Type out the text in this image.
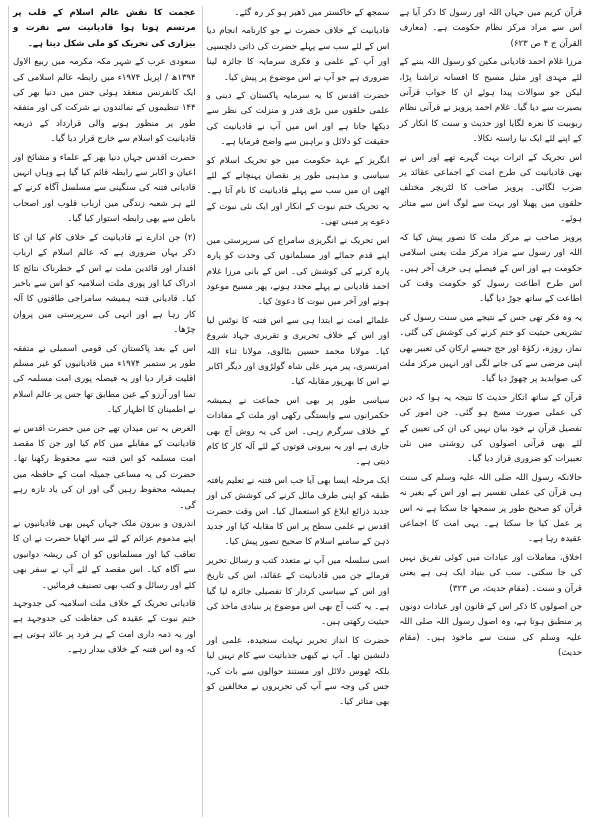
عجمت کا نقش عالم اسلام کے قلب پر مرتسم ہوتا ہوا قادیانیت سے نفرت و بیزاری کی تحریک کو ملی شکل دیتا ہے۔

سعودی عرب کے شہر مکہ مکرمہ میں ربیع الاول ۱۳۹۴ھ / اپریل ۱۹۷۴ء میں رابطہ عالم اسلامی کی ایک کانفرنس منعقد ہوئی جس میں دنیا بھر کی ۱۴۴ تنظیموں کے نمائندوں نے شرکت کی اور متفقہ طور پر منظور ہونے والی قرارداد کے ذریعہ قادیانیت کو اسلام سے خارج قرار دیا گیا۔

حضرت اقدس جہاں دنیا بھر کے علماء و مشائخ اور اعیان و اکابر سے رابطہ قائم کیا گیا ہے وہاں انہیں قادیانی فتنہ کی سنگینی سے مسلسل آگاہ کرنے کے لئے ہر شعبہ زندگی میں ارباب قلوب اور اصحاب باطن سے بھی رابطہ استوار کیا گیا۔

(۲) جن ادارے نے قادیانیت کے خلاف کام کیا ان کا ذکر یہاں ضروری ہے کہ عالم اسلام کے ارباب اقتدار اور قائدین ملت نے اس کے خطرناک نتائج کا ادراک کیا اور پوری ملت اسلامیہ کو اس سے باخبر کیا۔ قادیانی فتنہ ہمیشہ سامراجی طاقتوں کا آلہ کار رہا ہے اور انہی کی سرپرستی میں پروان چڑھا۔

اس کے بعد پاکستان کی قومی اسمبلی نے متفقہ طور پر ستمبر ۱۹۷۴ء میں قادیانیوں کو غیر مسلم اقلیت قرار دیا اور یہ فیصلہ پوری امت مسلمہ کی تمنا اور آرزو کے عین مطابق تھا جس پر عالم اسلام نے اطمینان کا اظہار کیا۔

الغرض یہ تین میدان تھے جن میں حضرت اقدس نے قادیانیت کے مقابلے میں کام کیا اور جن کا مقصد امت مسلمہ کو اس فتنہ سے محفوظ رکھنا تھا۔ حضرت کی یہ مساعی جمیلہ امت کے حافظہ میں ہمیشہ محفوظ رہیں گی اور ان کی یاد تازہ رہے گی۔

اندرون و بیرون ملک جہاں کہیں بھی قادیانیوں نے اپنے مذموم عزائم کے لئے سر اٹھایا حضرت نے ان کا تعاقب کیا اور مسلمانوں کو ان کی ریشہ دوانیوں سے آگاہ کیا۔ اس مقصد کے لئے آپ نے سفر بھی کئے اور رسائل و کتب بھی تصنیف فرمائیں۔

قادیانی تحریک کے خلاف ملت اسلامیہ کی جدوجہد ختم نبوت کے عقیدہ کی حفاظت کی جدوجہد ہے اور یہ ذمہ داری امت کے ہر فرد پر عائد ہوتی ہے کہ وہ اس فتنہ کے خلاف بیدار رہے۔

سمجھ کے خاکستر میں ڈھیر ہو کر رہ گئے۔

قادیانیت کے خلاف حضرت نے جو کارنامہ انجام دیا اس کے لئے سب سے پہلے حضرت کی ذاتی دلچسپی اور آپ کے علمی و فکری سرمایہ کا جائزہ لینا ضروری ہے جو آپ نے اس موضوع پر پیش کیا۔

حضرت اقدس کا یہ سرمایہ پاکستان کے دینی و علمی حلقوں میں بڑی قدر و منزلت کی نظر سے دیکھا جاتا ہے اور اس میں آپ نے قادیانیت کی حقیقت کو دلائل و براہین سے واضح فرمایا ہے۔

انگریز کے عہد حکومت میں جو تحریک اسلام کو سیاسی و مذہبی طور پر نقصان پہنچانے کے لئے اٹھی ان میں سب سے پہلے قادیانیت کا نام آتا ہے۔ یہ تحریک ختم نبوت کے انکار اور ایک نئی نبوت کے دعوے پر مبنی تھی۔

اس تحریک نے انگریزی سامراج کی سرپرستی میں اپنے قدم جمائے اور مسلمانوں کی وحدت کو پارہ پارہ کرنے کی کوشش کی۔ اس کے بانی مرزا غلام احمد قادیانی نے پہلے مجدد ہونے، پھر مسیح موعود ہونے اور آخر میں نبوت کا دعویٰ کیا۔

علمائے امت نے ابتدا ہی سے اس فتنہ کا نوٹس لیا اور اس کے خلاف تحریری و تقریری جہاد شروع کیا۔ مولانا محمد حسین بٹالوی، مولانا ثناء اللہ امرتسری، پیر مہر علی شاہ گولڑوی اور دیگر اکابر نے اس کا بھرپور مقابلہ کیا۔

سیاسی طور پر بھی اس جماعت نے ہمیشہ حکمرانوں سے وابستگی رکھی اور ملت کے مفادات کے خلاف سرگرم رہی۔ اس کی یہ روش آج بھی جاری ہے اور یہ بیرونی قوتوں کے لئے آلہ کار کا کام دیتی ہے۔

ایک مرحلہ ایسا بھی آیا جب اس فتنہ نے تعلیم یافتہ طبقہ کو اپنی طرف مائل کرنے کی کوشش کی اور جدید ذرائع ابلاغ کو استعمال کیا۔ اس وقت حضرت اقدس نے علمی سطح پر اس کا مقابلہ کیا اور جدید ذہن کے سامنے اسلام کا صحیح تصور پیش کیا۔

اسی سلسلہ میں آپ نے متعدد کتب و رسائل تحریر فرمائے جن میں قادیانیت کے عقائد، اس کی تاریخ اور اس کے سیاسی کردار کا تفصیلی جائزہ لیا گیا ہے۔ یہ کتب آج بھی اس موضوع پر بنیادی ماخذ کی حیثیت رکھتی ہیں۔

حضرت کا انداز تحریر نہایت سنجیدہ، علمی اور دلنشین تھا۔ آپ نے کبھی جذباتیت سے کام نہیں لیا بلکہ ٹھوس دلائل اور مستند حوالوں سے بات کی، جس کی وجہ سے آپ کی تحریروں نے مخالفین کو بھی متاثر کیا۔

قرآن کریم میں جہاں اللہ اور رسول کا ذکر آیا ہے اس سے مراد مرکز نظام حکومت ہے۔ (معارف القرآن ج ۴ ص ۶۲۳)

مرزا غلام احمد قادیانی مکین کو رسول اللہ بننے کے لئے مہدی اور مثیل مسیح کا افسانہ تراشنا پڑا، لیکن جو سوالات پیدا ہوئے ان کا جواب قرآنی بصیرت سے دیا گیا۔ غلام احمد پرویز نے قرآنی نظام ربوبیت کا نعرہ لگایا اور حدیث و سنت کا انکار کر کے اپنے لئے ایک نیا راستہ نکالا۔

اس تحریک کے اثرات بہت گہرے تھے اور اس نے بھی قادیانیت کی طرح امت کے اجماعی عقائد پر ضرب لگائی۔ پرویز صاحب کا لٹریچر مختلف حلقوں میں پھیلا اور بہت سے لوگ اس سے متاثر ہوئے۔

پرویز صاحب نے مرکز ملت کا تصور پیش کیا کہ اللہ اور رسول سے مراد مرکز ملت یعنی اسلامی حکومت ہے اور اس کے فیصلے ہی حرف آخر ہیں۔ اس طرح اطاعت رسول کو حکومت وقت کی اطاعت کے ساتھ جوڑ دیا گیا۔

یہ وہ فکر تھی جس کے نتیجے میں سنت رسول کی تشریعی حیثیت کو ختم کرنے کی کوشش کی گئی۔ نماز، روزہ، زکوٰۃ اور حج جیسے ارکان کی تعبیر بھی اپنی مرضی سے کی جانے لگی اور انہیں مرکز ملت کی صوابدید پر چھوڑ دیا گیا۔

قرآن کے ساتھ انکار حدیث کا نتیجہ یہ ہوا کہ دین کی عملی صورت مسخ ہو گئی۔ جن امور کی تفصیل قرآن نے خود بیان نہیں کی ان کی تعیین کے لئے بھی قرآنی اصولوں کی روشنی میں نئی تعبیرات کو ضروری قرار دیا گیا۔

حالانکہ رسول اللہ صلی اللہ علیہ وسلم کی سنت ہی قرآن کی عملی تفسیر ہے اور اس کے بغیر نہ قرآن کو صحیح طور پر سمجھا جا سکتا ہے نہ اس پر عمل کیا جا سکتا ہے۔ یہی امت کا اجماعی عقیدہ رہا ہے۔

اخلاق، معاملات اور عبادات میں کوئی تفریق نہیں کی جا سکتی۔ سب کی بنیاد ایک ہی ہے یعنی قرآن و سنت۔ (مقام حدیث، ص ۳۲۳)

جن اصولوں کا ذکر اس کے قانون اور عبادات دونوں پر منطبق ہوتا ہے، وہ اصول رسول اللہ صلی اللہ علیہ وسلم کی سنت سے ماخوذ ہیں۔ (مقام حدیث)
